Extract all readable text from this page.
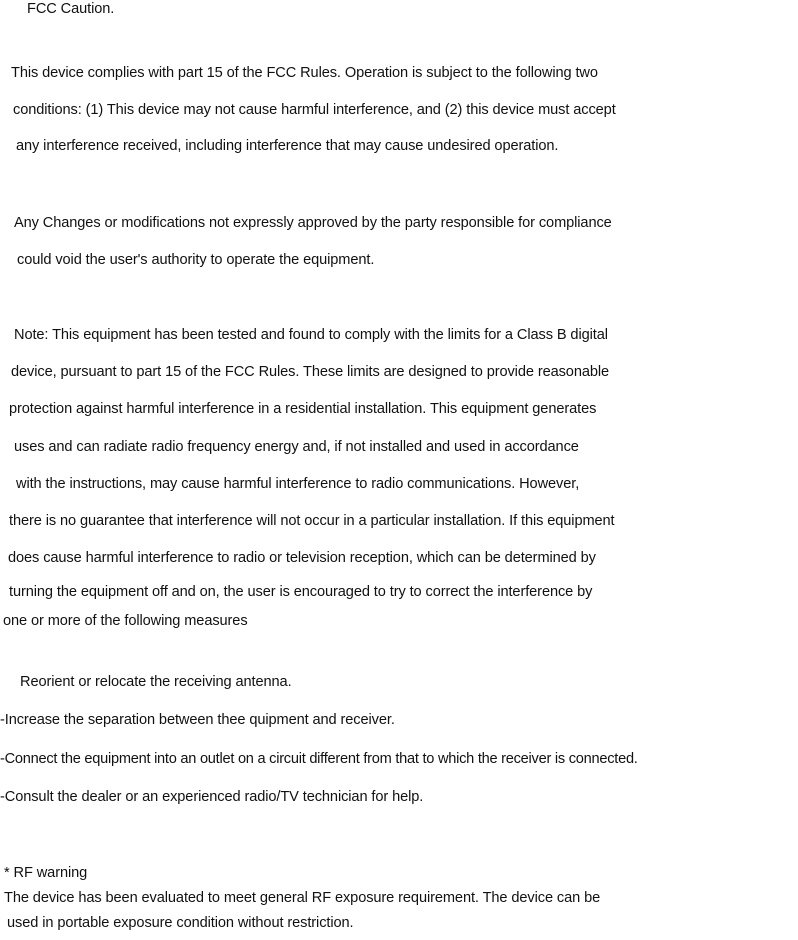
FCC Caution.
This device complies with part 15 of the FCC Rules. Operation is subject to the following two
conditions: (1) This device may not cause harmful interference, and (2) this device must accept
any interference received, including interference that may cause undesired operation.
Any Changes or modifications not expressly approved by the party responsible for compliance
could void the user's authority to operate the equipment.
Note: This equipment has been tested and found to comply with the limits for a Class B digital
device, pursuant to part 15 of the FCC Rules. These limits are designed to provide reasonable
protection against harmful interference in a residential installation. This equipment generates
uses and can radiate radio frequency energy and, if not installed and used in accordance
with the instructions, may cause harmful interference to radio communications. However,
there is no guarantee that interference will not occur in a particular installation. If this equipment
does cause harmful interference to radio or television reception, which can be determined by
turning the equipment off and on, the user is encouraged to try to correct the interference by
one or more of the following measures
Reorient or relocate the receiving antenna.
-Increase the separation between thee quipment and receiver.
-Connect the equipment into an outlet on a circuit different from that to which the receiver is connected.
-Consult the dealer or an experienced radio/TV technician for help.
* RF warning
The device has been evaluated to meet general RF exposure requirement. The device can be
used in portable exposure condition without restriction.
